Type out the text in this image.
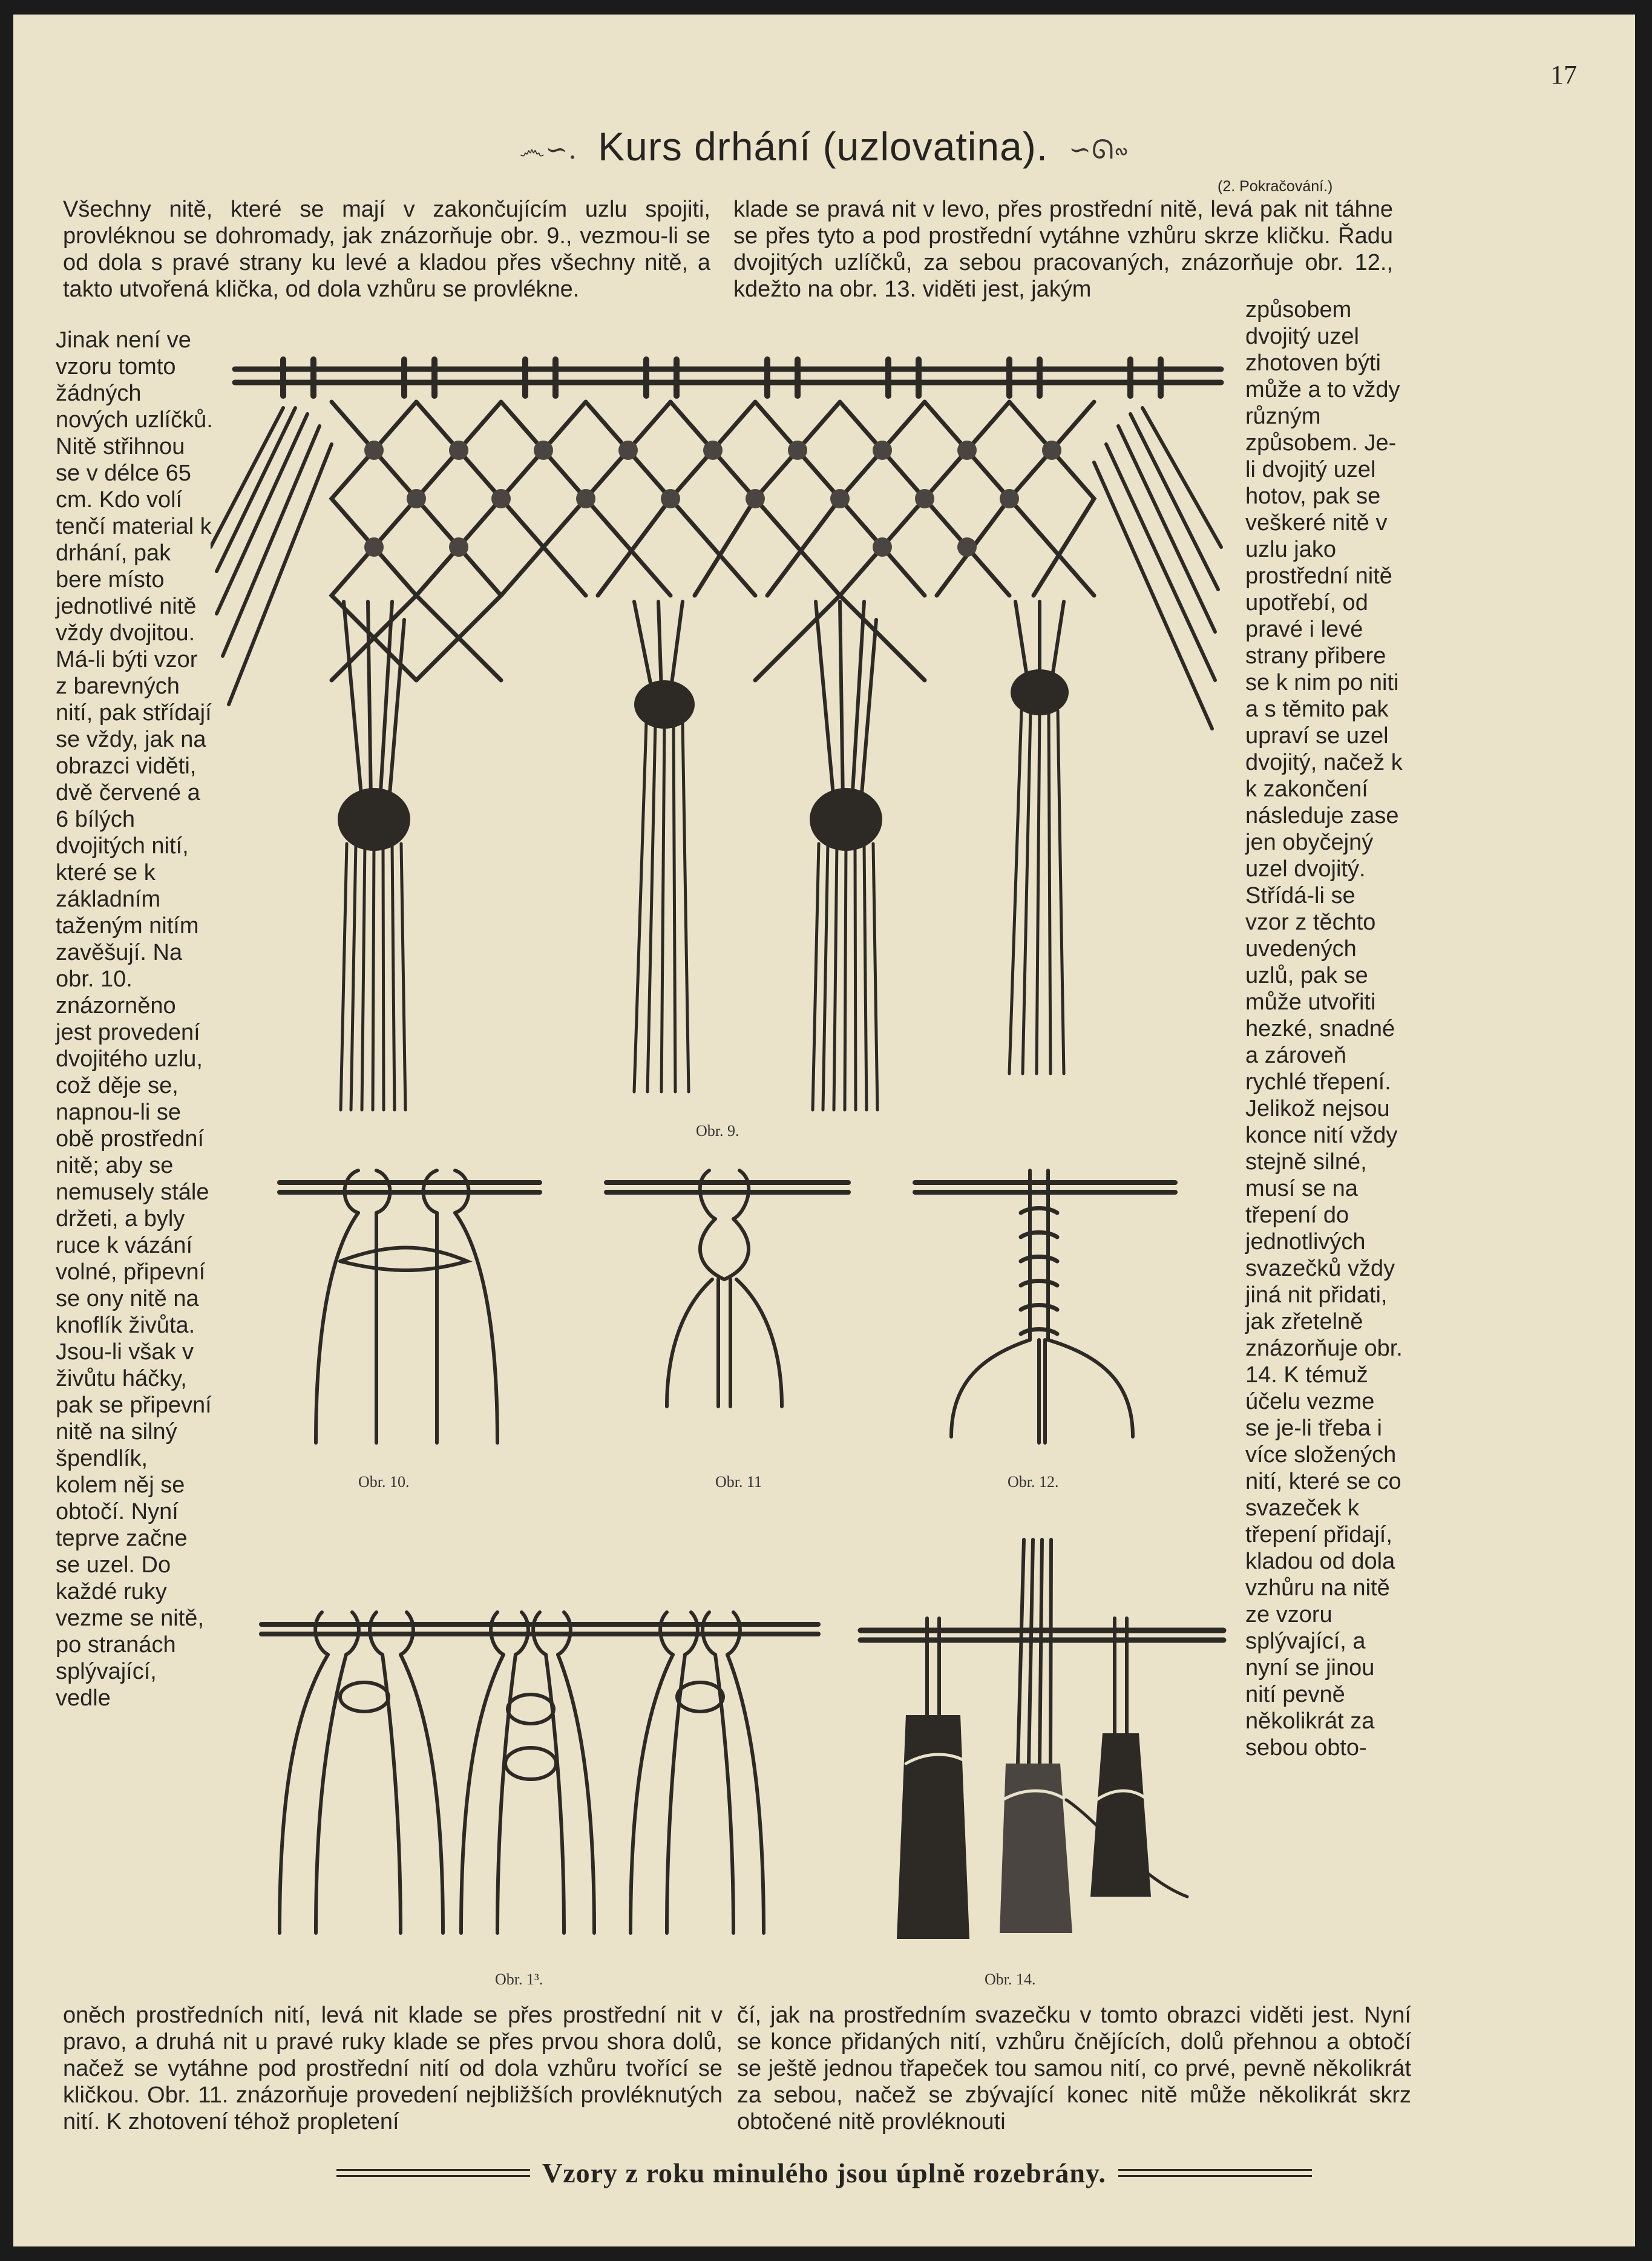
17
෴∽. Kurs drhání (uzlovatina). ∽ᘏ∾
(2. Pokračování.)
Všechny nitě, které se mají v zakončujícím uzlu spojiti, provléknou se dohromady, jak znázorňuje obr. 9., vezmou-li se od dola s pravé strany ku levé a kladou přes všechny nitě, a takto utvořená klička, od dola vzhůru se provlékne.
klade se pravá nit v levo, přes prostřední nitě, levá pak nit táhne se přes tyto a pod prostřední vytáhne vzhůru skrze kličku. Řadu dvojitých uzlíčků, za sebou pracovaných, znázorňuje obr. 12., kdežto na obr. 13. viděti jest, jakým
Jinak není ve vzoru tomto žádných nových uzlíčků. Nitě střihnou se v délce 65 cm. Kdo volí tenčí material k drhání, pak bere místo jednotlivé nitě vždy dvojitou. Má-li býti vzor z barevných nití, pak střídají se vždy, jak na obrazci viděti, dvě červené a 6 bílých dvojitých nití, které se k základním taženým nitím zavěšují. Na obr. 10. znázorněno jest provedení dvojitého uzlu, což děje se, napnou-li se obě prostřední nitě; aby se nemusely stále držeti, a byly ruce k vázání volné, připevní se ony nitě na knoflík živůta. Jsou-li však v živůtu háčky, pak se připevní nitě na silný špendlík, kolem něj se obtočí. Nyní teprve začne se uzel. Do každé ruky vezme se nitě, po stranách splývající, vedle
způsobem dvojitý uzel zhotoven býti může a to vždy různým způsobem. Je-li dvojitý uzel hotov, pak se veškeré nitě v uzlu jako prostřední nitě upotřebí, od pravé i levé strany přibere se k nim po niti a s těmito pak upraví se uzel dvojitý, načež k k zakončení následuje zase jen obyčejný uzel dvojitý. Střídá-li se vzor z těchto uvedených uzlů, pak se může utvořiti hezké, snadné a zároveň rychlé třepení. Jelikož nejsou konce nití vždy stejně silné, musí se na třepení do jednotlivých svazečků vždy jiná nit přidati, jak zřetelně znázorňuje obr. 14. K témuž účelu vezme se je-li třeba i více složených nití, které se co svazeček k třepení přidají, kladou od dola vzhůru na nitě ze vzoru splývající, a nyní se jinou nití pevně několikrát za sebou obto-
Obr. 9.
Obr. 10.	Obr. 11	Obr. 12.
Obr. 1³.	Obr. 14.
oněch prostředních nití, levá nit klade se přes prostřední nit v pravo, a druhá nit u pravé ruky klade se přes prvou shora dolů, načež se vytáhne pod prostřední nití od dola vzhůru tvořící se kličkou. Obr. 11. znázorňuje provedení nejbližších provléknutých nití. K zhotovení téhož propletení
čí, jak na prostředním svazečku v tomto obrazci viděti jest. Nyní se konce přidaných nití, vzhůru čnějících, dolů přehnou a obtočí se ještě jednou třapeček tou samou nití, co prvé, pevně několikrát za sebou, načež se zbývající konec nitě může několikrát skrz obtočené nitě provléknouti
Vzory z roku minulého jsou úplně rozebrány.
